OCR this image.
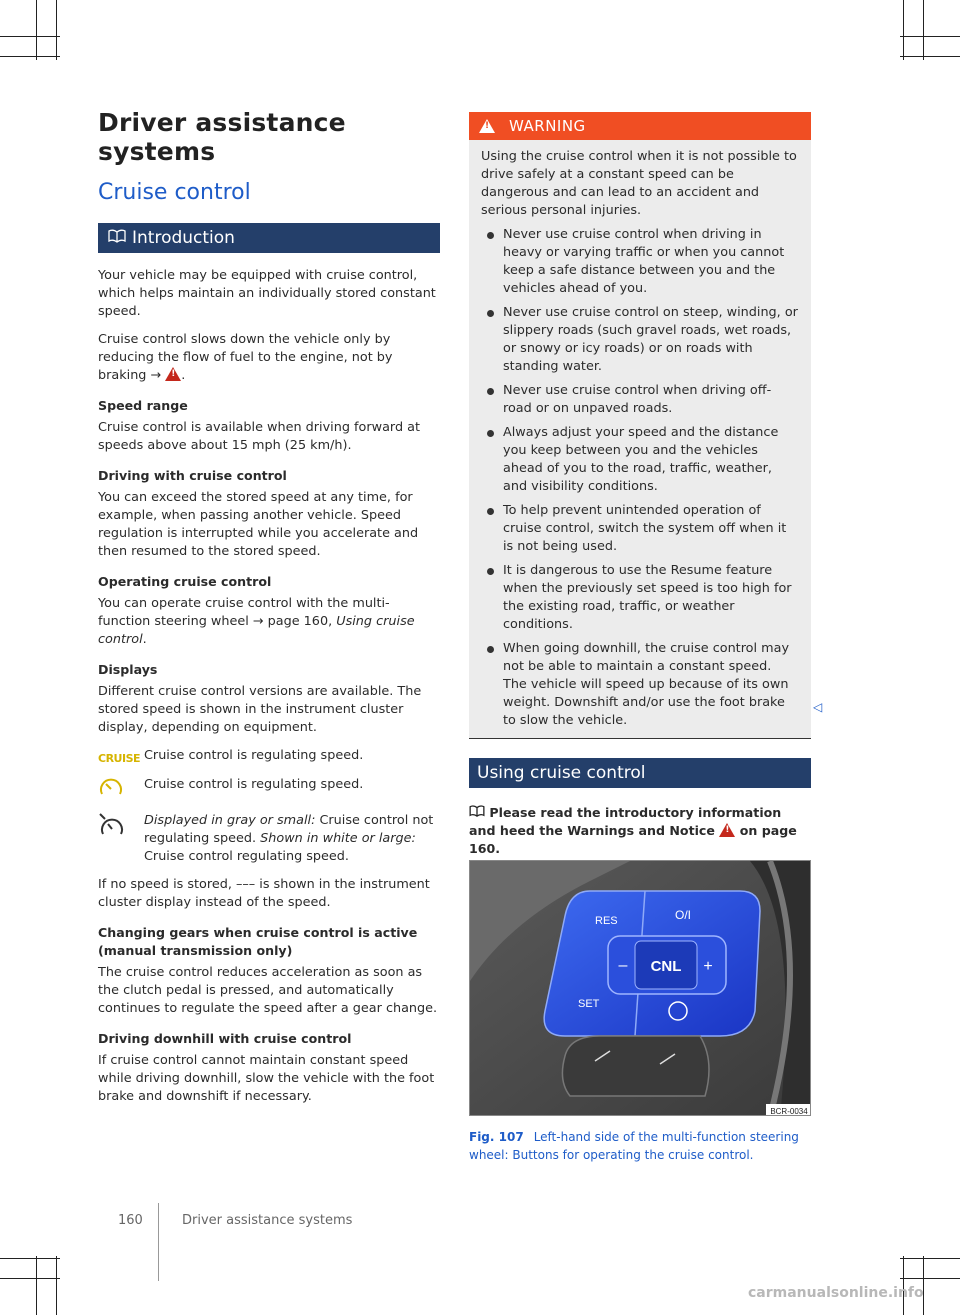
Driver assistance systems
Cruise control
Introduction

Your vehicle may be equipped with cruise control, which helps maintain an individually stored constant speed.

Cruise control slows down the vehicle only by reducing the flow of fuel to the engine, not by braking → ! .

Speed range

Cruise control is available when driving forward at speeds above about 15 mph (25 km/h).

Driving with cruise control

You can exceed the stored speed at any time, for example, when passing another vehicle. Speed regulation is interrupted while you accelerate and then resumed to the stored speed.

Operating cruise control

You can operate cruise control with the multi-function steering wheel → page 160, Using cruise control.

Displays

Different cruise control versions are available. The stored speed is shown in the instrument cluster display, depending on equipment.

CRUISE Cruise control is regulating speed.
Cruise control is regulating speed.
Displayed in gray or small: Cruise control not regulating speed. Shown in white or large: Cruise control regulating speed.

If no speed is stored, ––– is shown in the instrument cluster display instead of the speed.

Changing gears when cruise control is active (manual transmission only)

The cruise control reduces acceleration as soon as the clutch pedal is pressed, and automatically continues to regulate the speed after a gear change.

Driving downhill with cruise control

If cruise control cannot maintain constant speed while driving downhill, slow the vehicle with the foot brake and downshift if necessary.

!
WARNING

Using the cruise control when it is not possible to drive safely at a constant speed can be dangerous and can lead to an accident and serious personal injuries.

Never use cruise control when driving in heavy or varying traffic or when you cannot keep a safe distance between you and the vehicles ahead of you.
Never use cruise control on steep, winding, or slippery roads (such gravel roads, wet roads, or snowy or icy roads) or on roads with standing water.
Never use cruise control when driving off-road or on unpaved roads.
Always adjust your speed and the distance you keep between you and the vehicles ahead of you to the road, traffic, weather, and visibility conditions.
To help prevent unintended operation of cruise control, switch the system off when it is not being used.
It is dangerous to use the Resume feature when the previously set speed is too high for the existing road, traffic, or weather conditions.
When going downhill, the cruise control may not be able to maintain a constant speed. The vehicle will speed up because of its own weight. Downshift and/or use the foot brake to slow the vehicle.
◁
Using cruise control
Please read the introductory information and heed the Warnings and Notice ! on page 160.
CNL
–	+
RES
SET
O/I
BCR-0034
Fig. 107 Left-hand side of the multi-function steering wheel: Buttons for operating the cruise control.
160	Driver assistance systems
carmanualsonline.info
